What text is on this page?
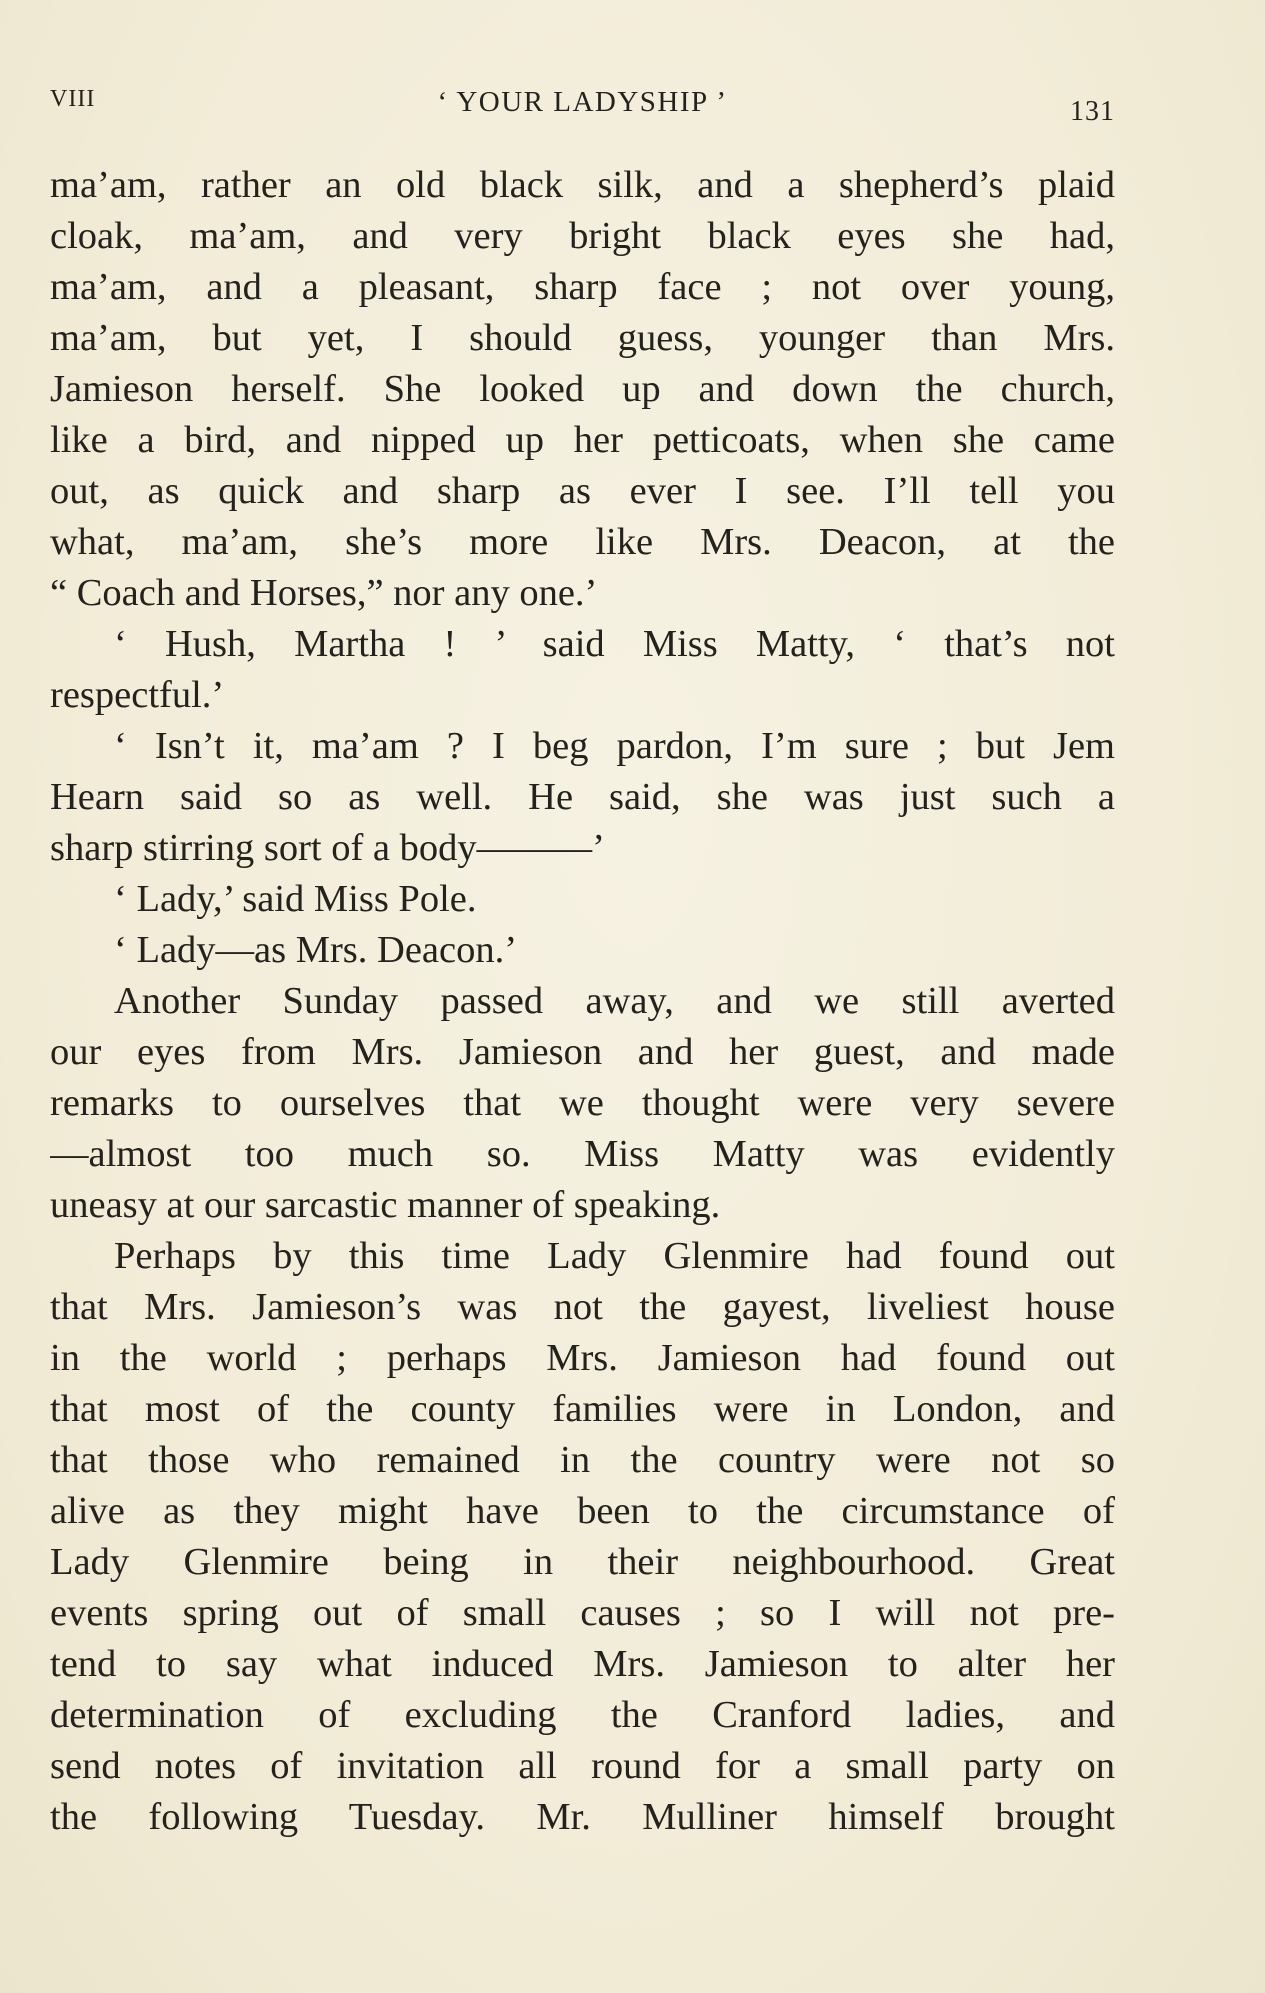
VIII	‘ YOUR LADYSHIP ’	131
ma’am, rather an old black silk, and a shepherd’s plaid
cloak, ma’am, and very bright black eyes she had,
ma’am, and a pleasant, sharp face ; not over young,
ma’am, but yet, I should guess, younger than Mrs.
Jamieson herself. She looked up and down the church,
like a bird, and nipped up her petticoats, when she came
out, as quick and sharp as ever I see. I’ll tell you
what, ma’am, she’s more like Mrs. Deacon, at the
“ Coach and Horses,” nor any one.’
‘ Hush, Martha ! ’ said Miss Matty, ‘ that’s not
respectful.’
‘ Isn’t it, ma’am ? I beg pardon, I’m sure ; but Jem
Hearn said so as well. He said, she was just such a
sharp stirring sort of a body———’
‘ Lady,’ said Miss Pole.
‘ Lady—as Mrs. Deacon.’
Another Sunday passed away, and we still averted
our eyes from Mrs. Jamieson and her guest, and made
remarks to ourselves that we thought were very severe
—almost too much so. Miss Matty was evidently
uneasy at our sarcastic manner of speaking.
Perhaps by this time Lady Glenmire had found out
that Mrs. Jamieson’s was not the gayest, liveliest house
in the world ; perhaps Mrs. Jamieson had found out
that most of the county families were in London, and
that those who remained in the country were not so
alive as they might have been to the circumstance of
Lady Glenmire being in their neighbourhood. Great
events spring out of small causes ; so I will not pre-
tend to say what induced Mrs. Jamieson to alter her
determination of excluding the Cranford ladies, and
send notes of invitation all round for a small party on
the following Tuesday. Mr. Mulliner himself brought
